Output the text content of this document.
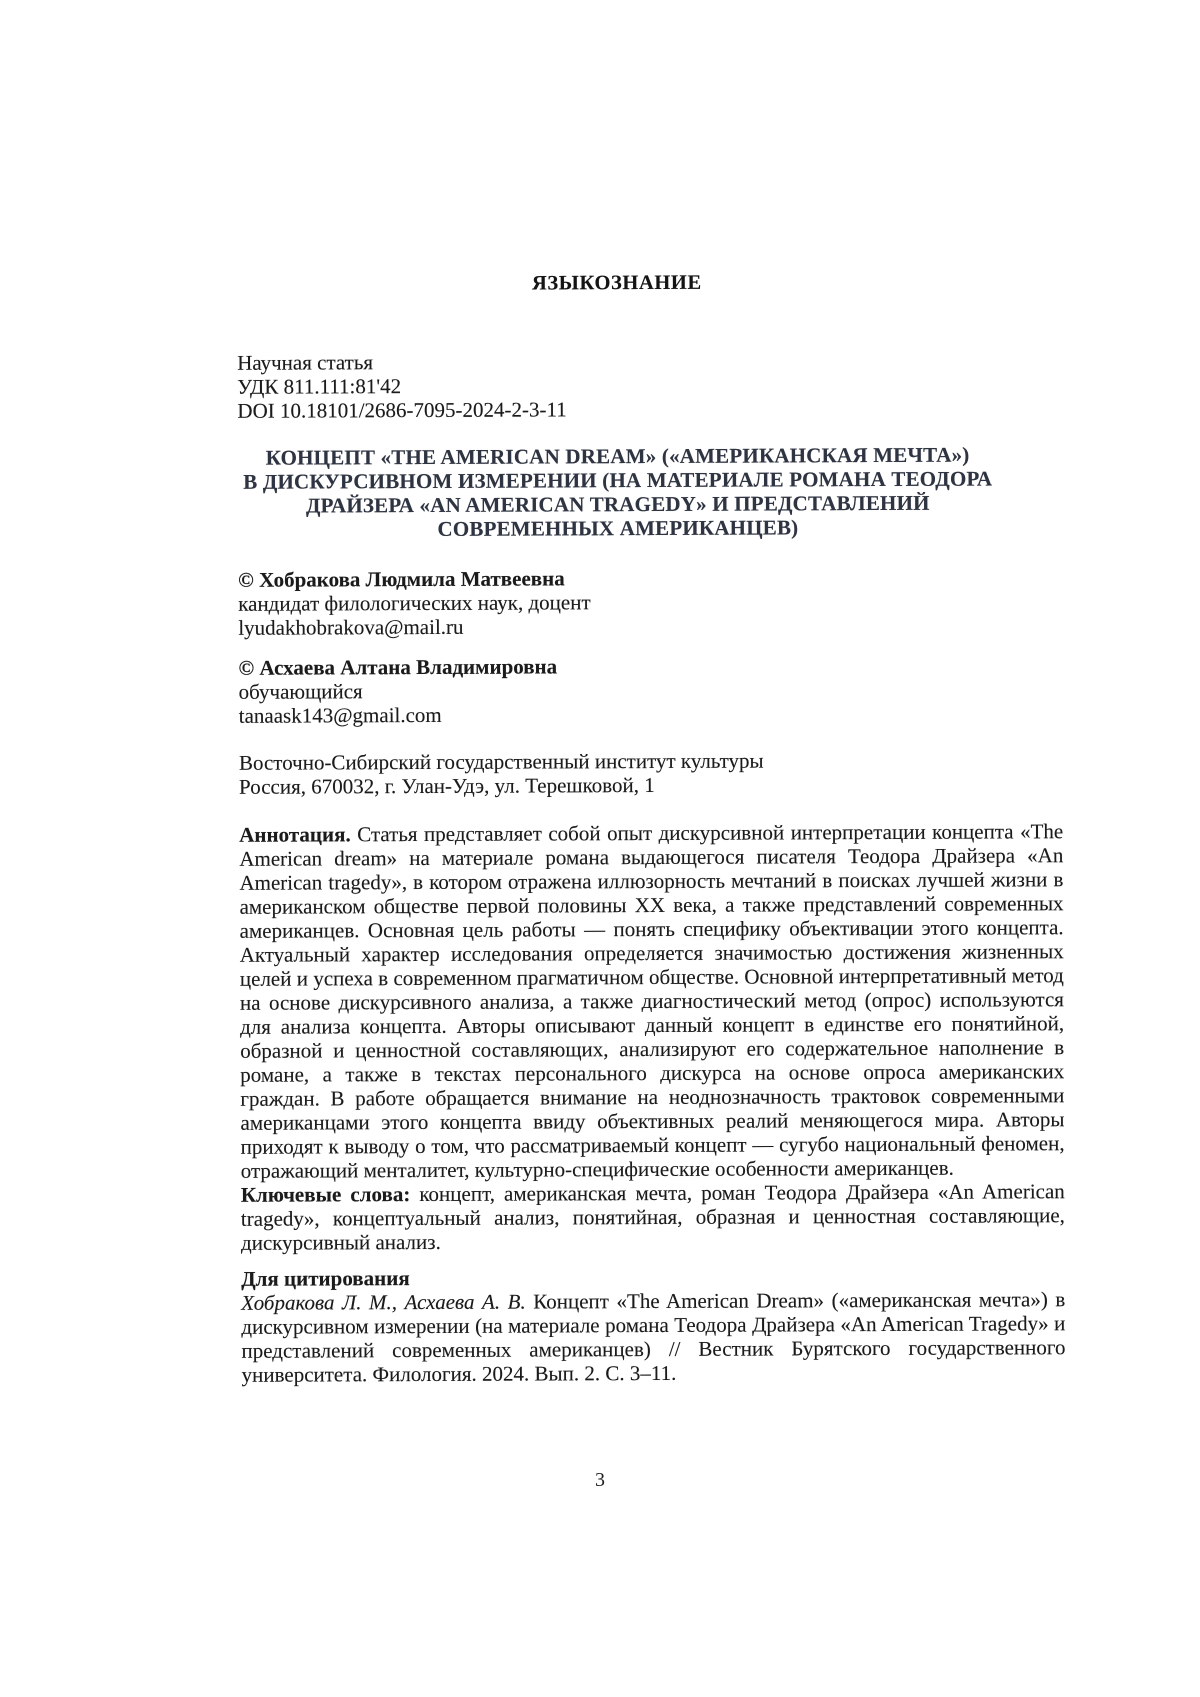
ЯЗЫКОЗНАНИЕ
Научная статья
УДК 811.111:81'42
DOI 10.18101/2686-7095-2024-2-3-11
КОНЦЕПТ «THE AMERICAN DREAM» («АМЕРИКАНСКАЯ МЕЧТА»)
В ДИСКУРСИВНОМ ИЗМЕРЕНИИ (НА МАТЕРИАЛЕ РОМАНА ТЕОДОРА
ДРАЙЗЕРА «AN AMERICAN TRAGEDY» И ПРЕДСТАВЛЕНИЙ
СОВРЕМЕННЫХ АМЕРИКАНЦЕВ)
© Хобракова Людмила Матвеевна
кандидат филологических наук, доцент
lyudakhobrakova@mail.ru
© Асхаева Алтана Владимировна
обучающийся
tanaask143@gmail.com
Восточно-Сибирский государственный институт культуры
Россия, 670032, г. Улан-Удэ, ул. Терешковой, 1

Аннотация. Статья представляет собой опыт дискурсивной интерпретации концепта «The American dream» на материале романа выдающегося писателя Теодора Драйзера «An American tragedy», в котором отражена иллюзорность мечтаний в поисках лучшей жизни в американском обществе первой половины XX века, а также представлений современных американцев. Основная цель работы — понять специфику объективации этого концепта. Актуальный характер исследования определяется значимостью достижения жизненных целей и успеха в современном прагматичном обществе. Основной интерпретативный метод на основе дискурсивного анализа, а также диагностический метод (опрос) используются для анализа концепта. Авторы описывают данный концепт в единстве его понятийной, образной и ценностной составляющих, анализируют его содержательное наполнение в романе, а также в текстах персонального дискурса на основе опроса американских граждан. В работе обращается внимание на неоднозначность трактовок современными американцами этого концепта ввиду объективных реалий меняющегося мира. Авторы приходят к выводу о том, что рассматриваемый концепт — сугубо национальный феномен, отражающий менталитет, культурно-специфические особенности американцев.

Ключевые слова: концепт, американская мечта, роман Теодора Драйзера «An American tragedy», концептуальный анализ, понятийная, образная и ценностная составляющие, дискурсивный анализ.

Для цитирования

Хобракова Л. М., Асхаева А. В. Концепт «The American Dream» («американская мечта») в дискурсивном измерении (на материале романа Теодора Драйзера «An American Tragedy» и представлений современных американцев) // Вестник Бурятского государственного университета. Филология. 2024. Вып. 2. С. 3–11.

3
